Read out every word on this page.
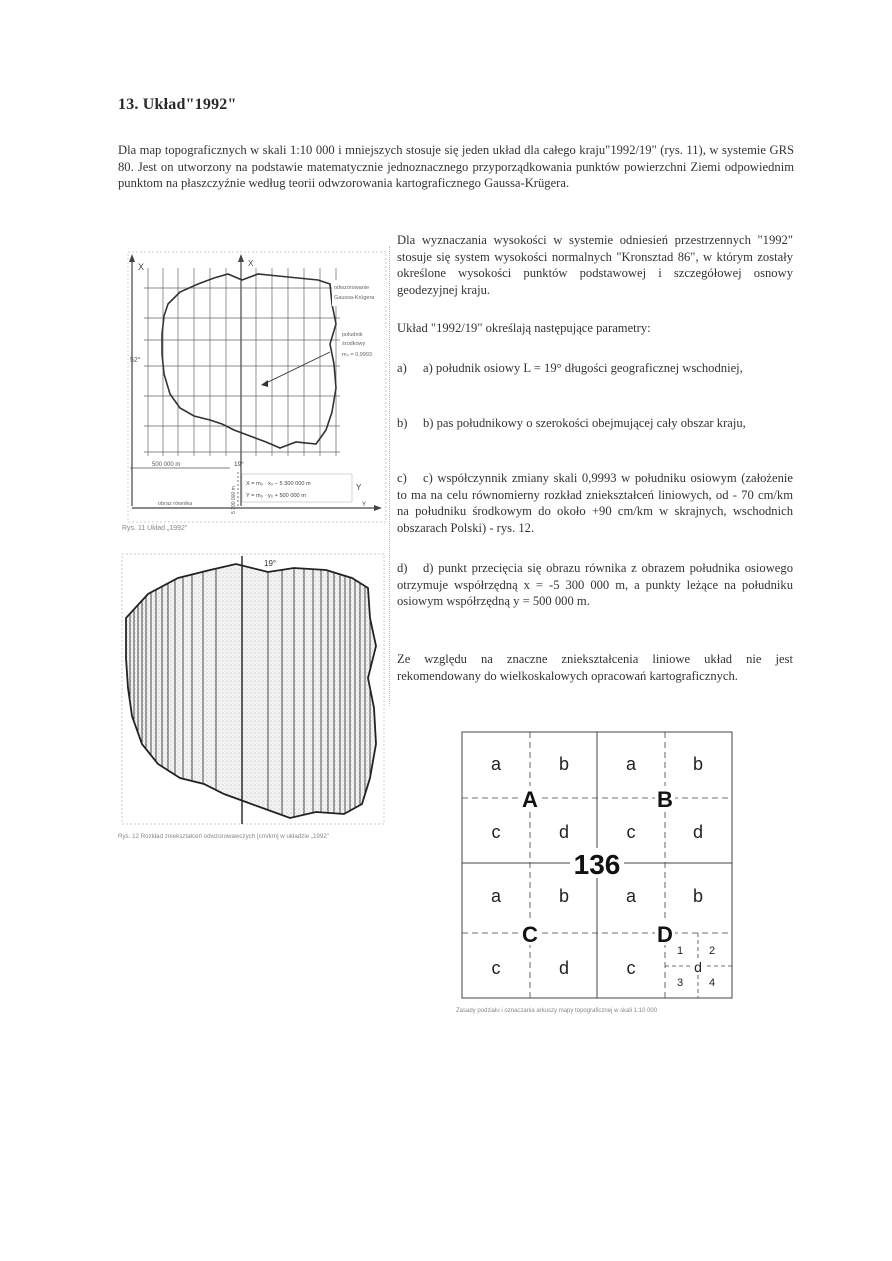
13. Układ"1992"
Dla map topograficznych w skali 1:10 000 i mniejszych stosuje się jeden układ dla całego kraju"1992/19" (rys. 11), w systemie GRS 80. Jest on utworzony na podstawie matematycznie jednoznacznego przyporządkowania punktów powierzchni Ziemi odpowiednim punktom na płaszczyźnie według teorii odwzorowania kartograficznego Gaussa-Krügera.

Dla wyznaczania wysokości w systemie odniesień przestrzennych "1992" stosuje się system wysokości normalnych "Kronsztad 86", w którym zostały określone wysokości punktów podstawowej i szczegółowej osnowy geodezyjnej kraju.

Układ "1992/19" określają następujące parametry:

a) a) południk osiowy L = 19° długości geograficznej wschodniej,

b) b) pas południkowy o szerokości obejmującej cały obszar kraju,

c) c) współczynnik zmiany skali 0,9993 w południku osiowym (założenie to ma na celu równomierny rozkład zniekształceń liniowych, od - 70 cm/km na południku środkowym do około +90 cm/km w skrajnych, wschodnich obszarach Polski) - rys. 12.

d) d) punkt przecięcia się obrazu równika z obrazem południka osiowego otrzymuje współrzędną x = -5 300 000 m, a punkty leżące na południku osiowym współrzędną y = 500 000 m.

Ze względu na znaczne zniekształcenia liniowe układ nie jest rekomendowany do wielkoskalowych opracowań kartograficznych.

X	X
odwzorowanie
Gaussa-Krügera
południk
środkowy
m₀ = 0,9993
52°
500 000 m	19°
5 300 000 m
X = m₀ · x₀ − 5 300 000 m
Y = m₀ · y₀ + 500 000 m
Y
obraz równika	Y
Rys. 11 Układ „1992"
19°
Rys. 12 Rozkład zniekształceń odwzorowawczych [cm/km] w układzie „1992"
a	b	a	b
c	d	c	d
a	b	a	b
c	d	c
A	B
C	D
136
1 2
3 4
d
Zasady podziału i oznaczania arkuszy mapy topograficznej w skali 1:10 000
